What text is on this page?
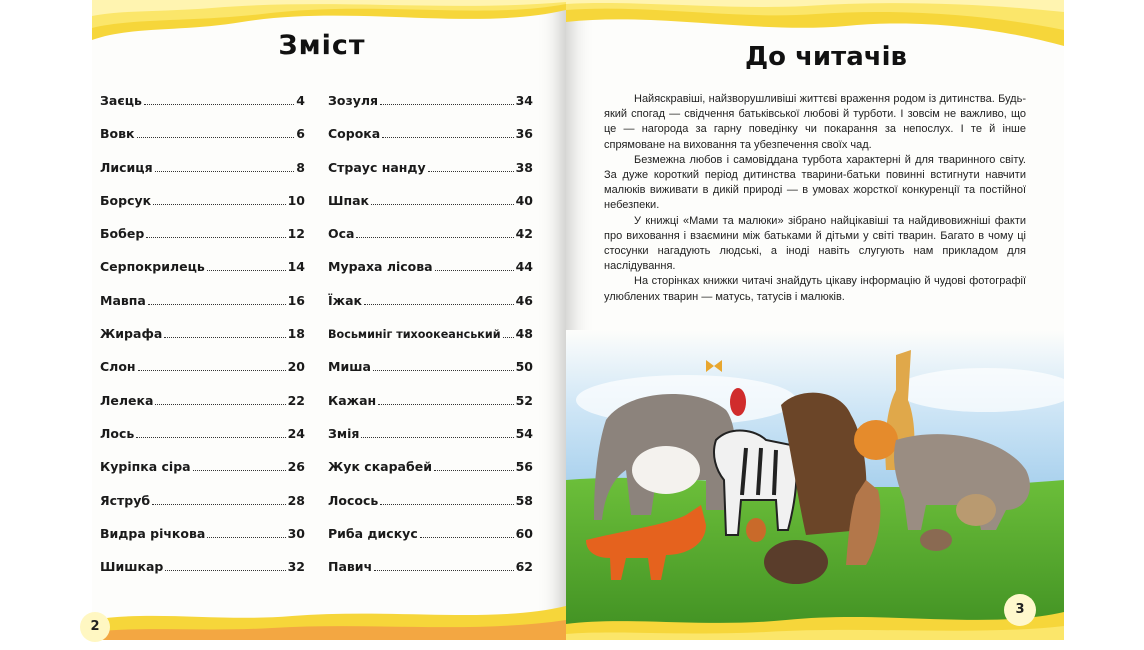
Зміст
Заєць	4
Вовк	6
Лисиця	8
Борсук	10
Бобер	12
Серпокрилець	14
Мавпа	16
Жирафа	18
Слон	20
Лелека	22
Лось	24
Курiпка сiра	26
Яструб	28
Видра рiчкова	30
Шишкар	32
Зозуля	34
Сорока	36
Страус нанду	38
Шпак	40
Оса	42
Мураха лiсова	44
Їжак	46
Восьминiг тихоокеанський 48
Миша	50
Кажан	52
Змiя	54
Жук скарабей	56
Лосось	58
Риба дискус	60
Павич	62
2
До читачів

Найяскравіші, найзворушливіші життєві враження родом із дитинства. Будь-який спогад — свідчення батьківської любові й турботи. І зовсім не важливо, що це — нагорода за гарну поведінку чи покарання за непослух. І те й інше спрямоване на виховання та убезпечення своїх чад.

Безмежна любов і самовіддана турбота характерні й для тваринного світу. За дуже короткий період дитинства тварини-батьки повинні встигнути навчити малюків виживати в дикій природі — в умовах жорсткої конкуренції та постійної небезпеки.

У книжці «Мами та малюки» зібрано найцікавіші та найдивовижніші факти про виховання і взаємини між батьками й дітьми у світі тварин. Багато в чому ці стосунки нагадують людські, а іноді навіть слугують нам прикладом для наслідування.

На сторінках книжки читачі знайдуть цікаву інформацію й чудові фотографії улюблених тварин — матусь, татусів і малюків.

3
